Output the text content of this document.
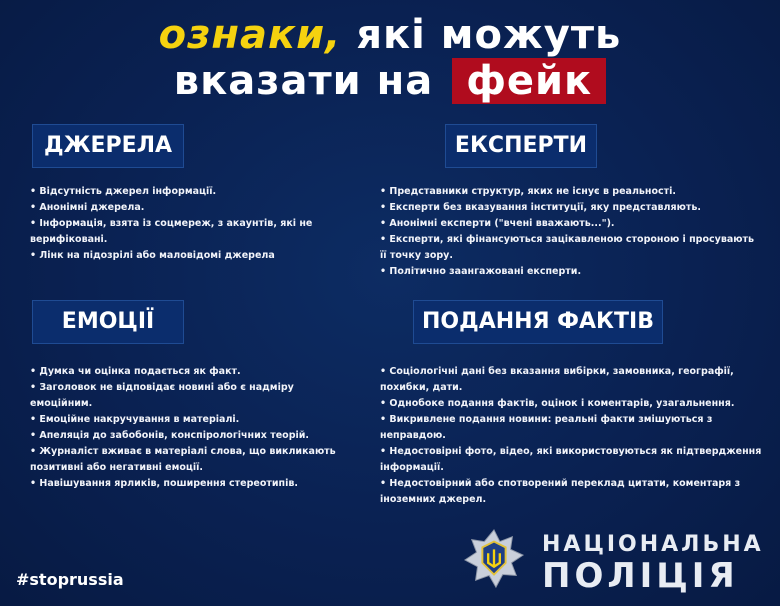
ознаки, які можуть
вказати на фейк
ДЖЕРЕЛА
• Відсутність джерел інформації.
• Анонімні джерела.
• Інформація, взята із соцмереж, з акаунтів, які не верифіковані.
• Лінк на підозрілі або маловідомі джерела
ЕКСПЕРТИ
• Представники структур, яких не існує в реальності.
• Експерти без вказування інституції, яку представляють.
• Анонімні експерти ("вчені вважають...").
• Експерти, які фінансуються зацікавленою стороною і просувають її точку зору.
• Політично заангажовані експерти.
ЕМОЦІЇ
• Думка чи оцінка подається як факт.
• Заголовок не відповідає новині або є надміру емоційним.
• Емоційне накручування в матеріалі.
• Апеляція до забобонів, конспірологічних теорій.
• Журналіст вживає в матеріалі слова, що викликають позитивні або негативні емоції.
• Навішування ярликів, поширення стереотипів.
ПОДАННЯ ФАКТІВ
• Соціологічні дані без вказання вибірки, замовника, географії, похибки, дати.
• Однобоке подання фактів, оцінок і коментарів, узагальнення.
• Викривлене подання новини: реальні факти змішуються з неправдою.
• Недостовірні фото, відео, які використовуються як підтвердження інформації.
• Недостовірний або спотворений переклад цитати, коментаря з іноземних джерел.
#stoprussia
НАЦІОНАЛЬНА
ПОЛІЦІЯ
